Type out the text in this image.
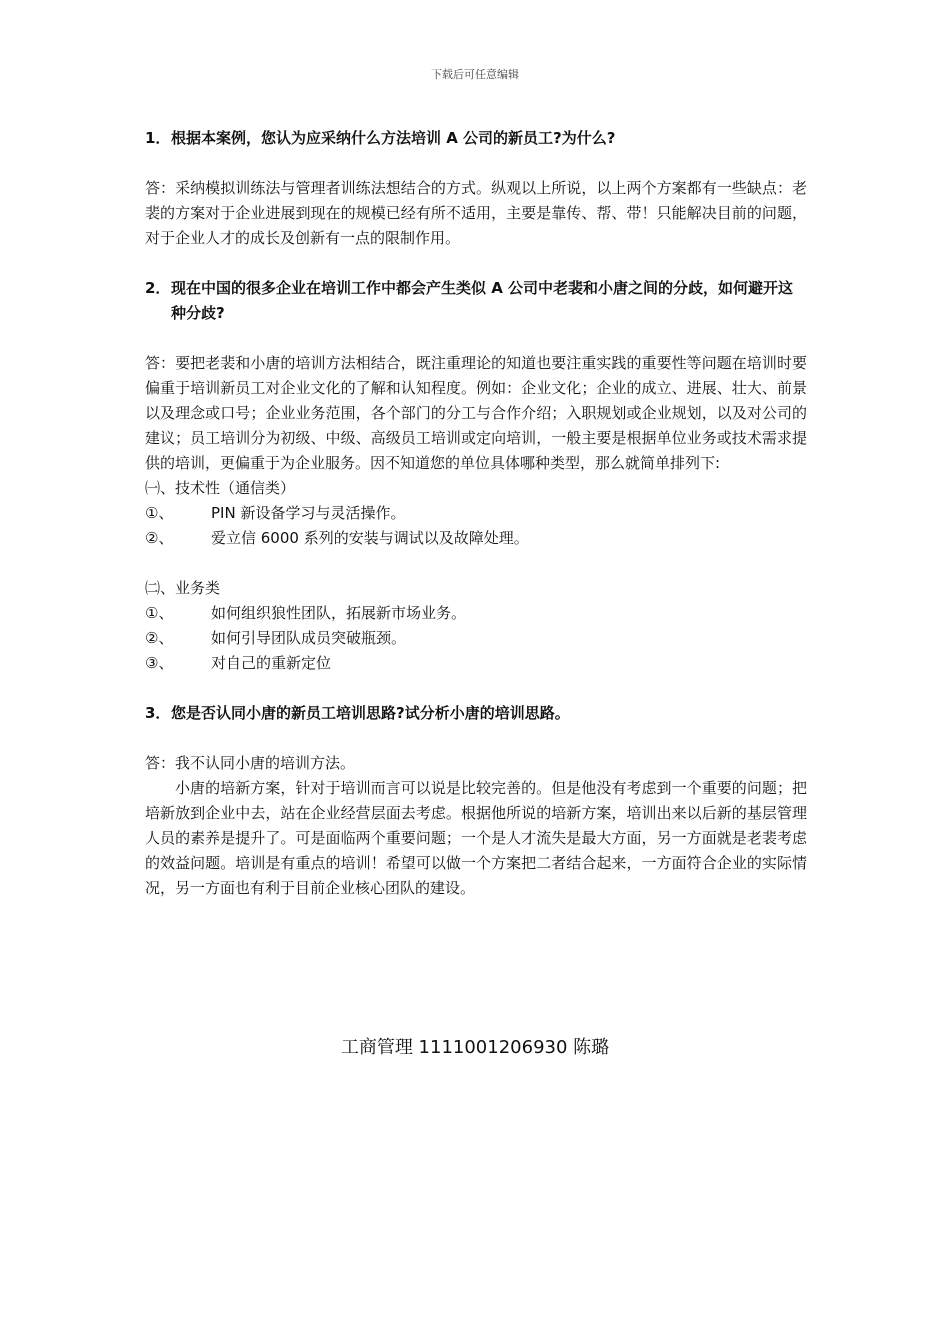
下载后可任意编辑

1． 根据本案例，您认为应采纳什么方法培训 A 公司的新员工?为什么?

答：采纳模拟训练法与管理者训练法想结合的方式。纵观以上所说，以上两个方案都有一些缺点：老裴的方案对于企业进展到现在的规模已经有所不适用，主要是靠传、帮、带！只能解决目前的问题，对于企业人才的成长及创新有一点的限制作用。

2． 现在中国的很多企业在培训工作中都会产生类似 A 公司中老裴和小唐之间的分歧，如何避开这种分歧?

答：要把老裴和小唐的培训方法相结合，既注重理论的知道也要注重实践的重要性等问题在培训时要偏重于培训新员工对企业文化的了解和认知程度。例如：企业文化；企业的成立、进展、壮大、前景以及理念或口号；企业业务范围，各个部门的分工与合作介绍；入职规划或企业规划，以及对公司的建议；员工培训分为初级、中级、高级员工培训或定向培训，一般主要是根据单位业务或技术需求提供的培训，更偏重于为企业服务。因不知道您的单位具体哪种类型，那么就简单排列下:

㈠、技术性（通信类）

①、	PIN 新设备学习与灵活操作。
②、	爱立信 6000 系列的安装与调试以及故障处理。

㈡、业务类

①、	如何组织狼性团队，拓展新市场业务。
②、	如何引导团队成员突破瓶颈。
③、	对自己的重新定位

3． 您是否认同小唐的新员工培训思路?试分析小唐的培训思路。

答：我不认同小唐的培训方法。

小唐的培新方案，针对于培训而言可以说是比较完善的。但是他没有考虑到一个重要的问题；把培新放到企业中去，站在企业经营层面去考虑。根据他所说的培新方案，培训出来以后新的基层管理人员的素养是提升了。可是面临两个重要问题；一个是人才流失是最大方面，另一方面就是老裴考虑的效益问题。培训是有重点的培训！希望可以做一个方案把二者结合起来，一方面符合企业的实际情况，另一方面也有利于目前企业核心团队的建设。

工商管理 1111001206930 陈璐
